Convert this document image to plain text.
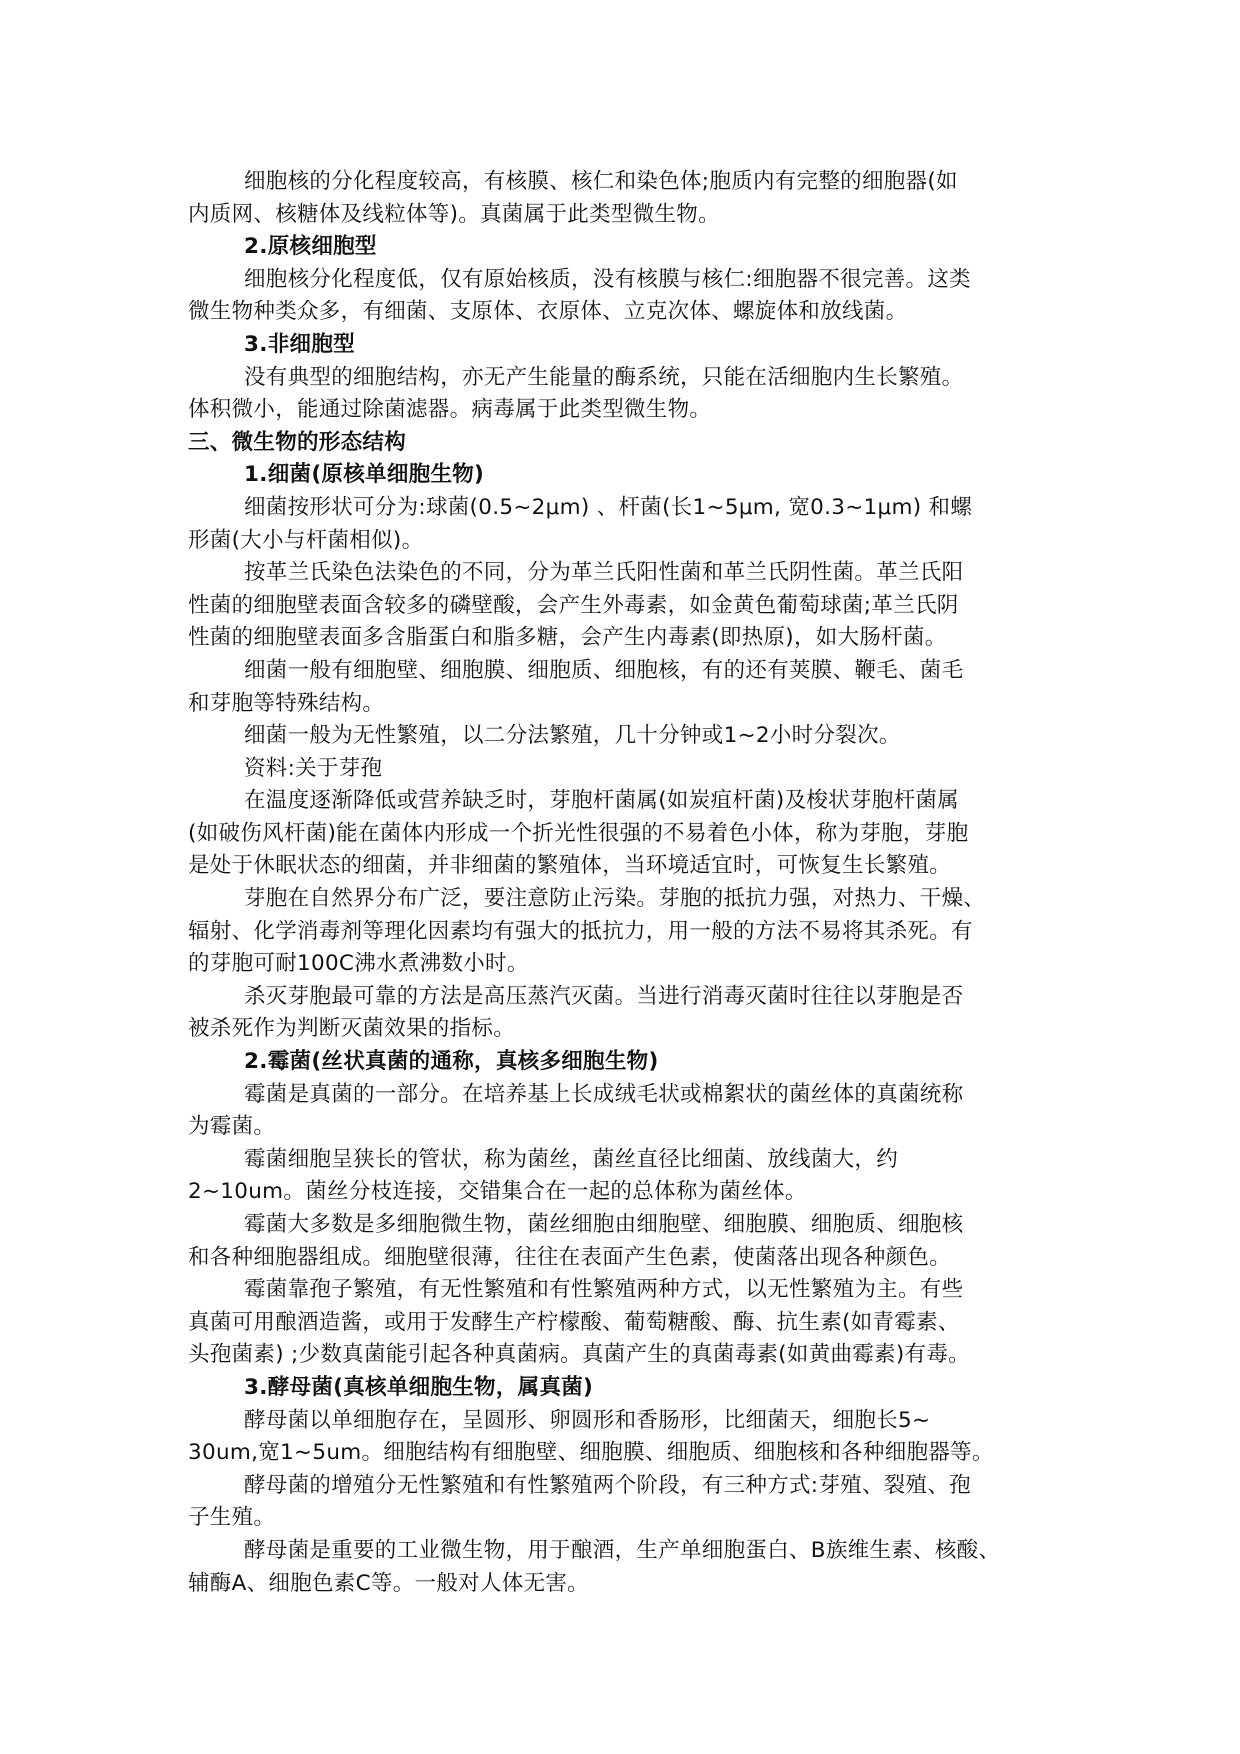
细胞核的分化程度较高，有核膜、核仁和染色体;胞质内有完整的细胞器(如
内质网、核糖体及线粒体等)。真菌属于此类型微生物。
2.原核细胞型
细胞核分化程度低，仅有原始核质，没有核膜与核仁:细胞器不很完善。这类
微生物种类众多，有细菌、支原体、衣原体、立克次体、螺旋体和放线菌。
3.非细胞型
没有典型的细胞结构，亦无产生能量的酶系统，只能在活细胞内生长繁殖。
体积微小，能通过除菌滤器。病毒属于此类型微生物。
三、微生物的形态结构
1.细菌(原核单细胞生物)
细菌按形状可分为:球菌(0.5~2μm) 、杆菌(长1~5μm, 宽0.3~1μm) 和螺
形菌(大小与杆菌相似)。
按革兰氏染色法染色的不同，分为革兰氏阳性菌和革兰氏阴性菌。革兰氏阳
性菌的细胞壁表面含较多的磷壁酸，会产生外毒素，如金黄色葡萄球菌;革兰氏阴
性菌的细胞壁表面多含脂蛋白和脂多糖，会产生内毒素(即热原)，如大肠杆菌。
细菌一般有细胞壁、细胞膜、细胞质、细胞核，有的还有荚膜、鞭毛、菌毛
和芽胞等特殊结构。
细菌一般为无性繁殖，以二分法繁殖，几十分钟或1~2小时分裂次。
资料:关于芽孢
在温度逐渐降低或营养缺乏时，芽胞杆菌属(如炭疽杆菌)及梭状芽胞杆菌属
(如破伤风杆菌)能在菌体内形成一个折光性很强的不易着色小体，称为芽胞，芽胞
是处于休眠状态的细菌，并非细菌的繁殖体，当环境适宜时，可恢复生长繁殖。
芽胞在自然界分布广泛，要注意防止污染。芽胞的抵抗力强，对热力、干燥、
辐射、化学消毒剂等理化因素均有强大的抵抗力，用一般的方法不易将其杀死。有
的芽胞可耐100C沸水煮沸数小时。
杀灭芽胞最可靠的方法是高压蒸汽灭菌。当进行消毒灭菌时往往以芽胞是否
被杀死作为判断灭菌效果的指标。
2.霉菌(丝状真菌的通称，真核多细胞生物)
霉菌是真菌的一部分。在培养基上长成绒毛状或棉絮状的菌丝体的真菌统称
为霉菌。
霉菌细胞呈狭长的管状，称为菌丝，菌丝直径比细菌、放线菌大，约
2~10um。菌丝分枝连接，交错集合在一起的总体称为菌丝体。
霉菌大多数是多细胞微生物，菌丝细胞由细胞壁、细胞膜、细胞质、细胞核
和各种细胞器组成。细胞壁很薄，往往在表面产生色素，使菌落出现各种颜色。
霉菌靠孢子繁殖，有无性繁殖和有性繁殖两种方式，以无性繁殖为主。有些
真菌可用酿酒造酱，或用于发酵生产柠檬酸、葡萄糖酸、酶、抗生素(如青霉素、
头孢菌素) ;少数真菌能引起各种真菌病。真菌产生的真菌毒素(如黄曲霉素)有毒。
3.酵母菌(真核单细胞生物，属真菌)
酵母菌以单细胞存在，呈圆形、卵圆形和香肠形，比细菌天，细胞长5~
30um,宽1~5um。细胞结构有细胞壁、细胞膜、细胞质、细胞核和各种细胞器等。
酵母菌的增殖分无性繁殖和有性繁殖两个阶段，有三种方式:芽殖、裂殖、孢
子生殖。
酵母菌是重要的工业微生物，用于酿酒，生产单细胞蛋白、B族维生素、核酸、
辅酶A、细胞色素C等。一般对人体无害。
